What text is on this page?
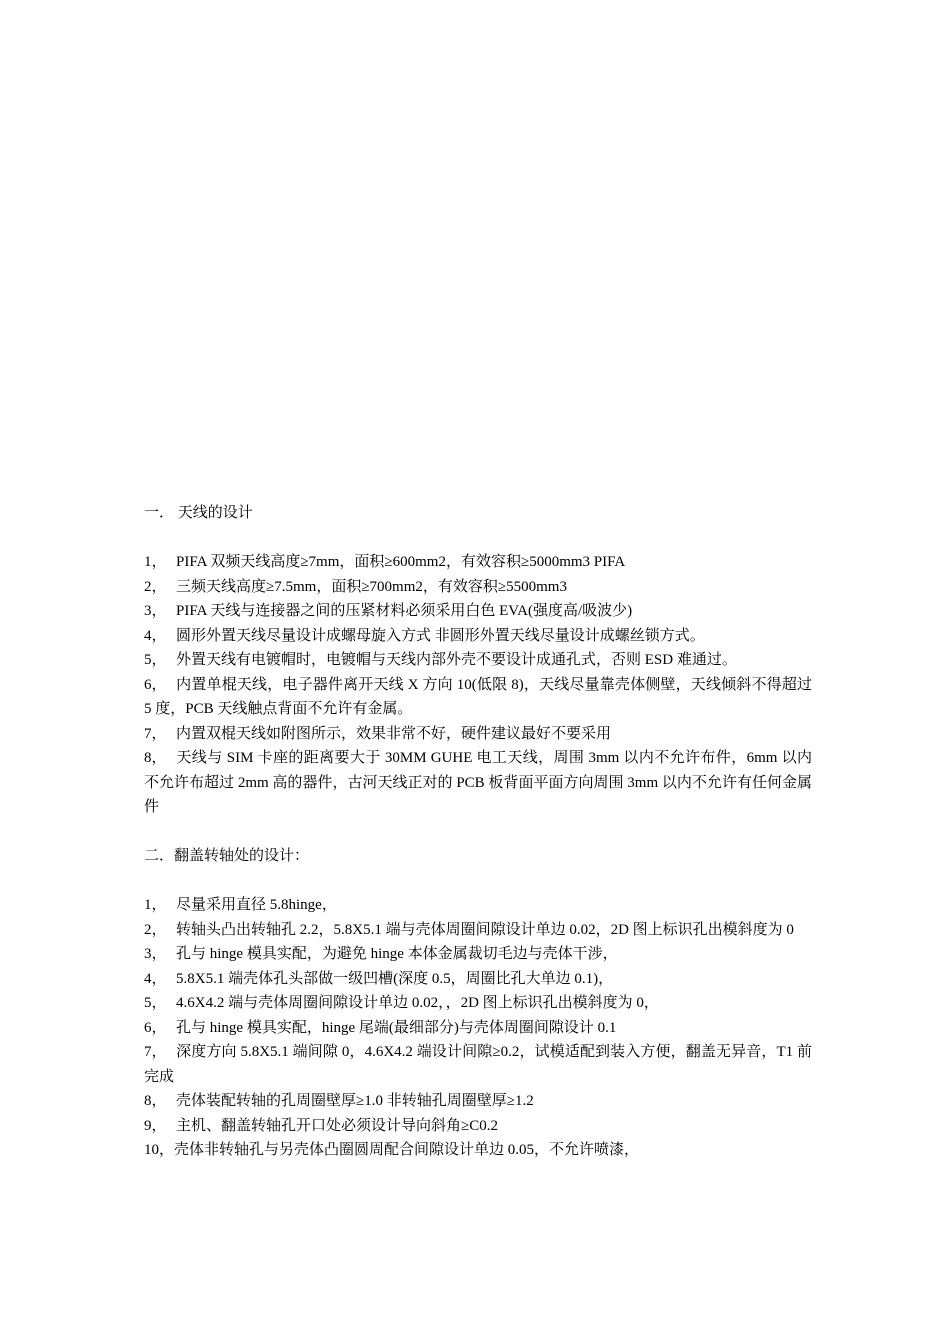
一． 天线的设计

1， PIFA 双频天线高度≥7mm，面积≥600mm2，有效容积≥5000mm3 PIFA

2， 三频天线高度≥7.5mm，面积≥700mm2，有效容积≥5500mm3

3， PIFA 天线与连接器之间的压紧材料必须采用白色 EVA(强度高/吸波少)

4， 圆形外置天线尽量设计成螺母旋入方式 非圆形外置天线尽量设计成螺丝锁方式。

5， 外置天线有电镀帽时，电镀帽与天线内部外壳不要设计成通孔式，否则 ESD 难通过。

6， 内置单棍天线，电子器件离开天线 X 方向 10(低限 8)，天线尽量靠壳体侧壁，天线倾斜不得超过 5 度，PCB 天线触点背面不允许有金属。

7， 内置双棍天线如附图所示，效果非常不好，硬件建议最好不要采用

8， 天线与 SIM 卡座的距离要大于 30MM GUHE 电工天线，周围 3mm 以内不允许布件，6mm 以内不允许布超过 2mm 高的器件，古河天线正对的 PCB 板背面平面方向周围 3mm 以内不允许有任何金属件

二．翻盖转轴处的设计：

1， 尽量采用直径 5.8hinge，

2， 转轴头凸出转轴孔 2.2，5.8X5.1 端与壳体周圈间隙设计单边 0.02，2D 图上标识孔出模斜度为 0

3， 孔与 hinge 模具实配，为避免 hinge 本体金属裁切毛边与壳体干涉，

4， 5.8X5.1 端壳体孔头部做一级凹槽(深度 0.5，周圈比孔大单边 0.1)，

5， 4.6X4.2 端与壳体周圈间隙设计单边 0.02，，2D 图上标识孔出模斜度为 0，

6， 孔与 hinge 模具实配，hinge 尾端(最细部分)与壳体周圈间隙设计 0.1

7， 深度方向 5.8X5.1 端间隙 0，4.6X4.2 端设计间隙≥0.2，试模适配到装入方便，翻盖无异音，T1 前完成

8， 壳体装配转轴的孔周圈壁厚≥1.0 非转轴孔周圈壁厚≥1.2

9， 主机、翻盖转轴孔开口处必须设计导向斜角≥C0.2

10，壳体非转轴孔与另壳体凸圈圆周配合间隙设计单边 0.05，不允许喷漆，
